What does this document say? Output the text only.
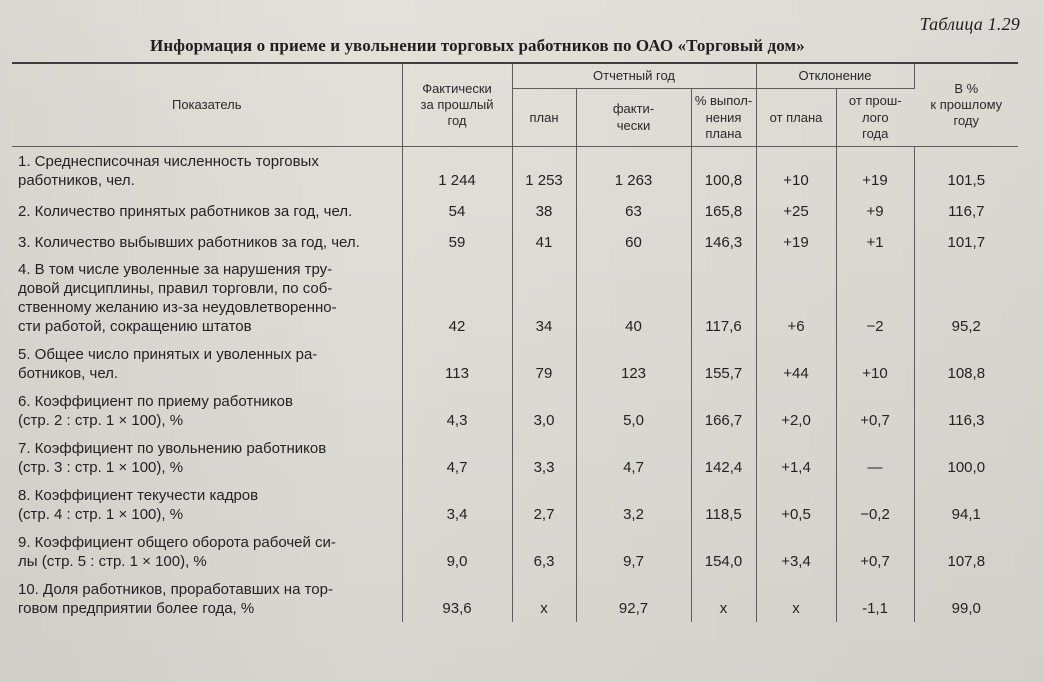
Таблица 1.29
Информация о приеме и увольнении торговых работников по ОАО «Торговый дом»
Показатель	Фактически
за прошлый
год	Отчетный год			Отклонение		В %
к прошлому
году
		план	факти-
чески	% выпол-
нения
плана	от плана	от прош-
лого
года	
1. Среднесписочная численность торговых
работников, чел.	1 244	1 253	1 263	100,8	+10	+19	101,5
2. Количество принятых работников за год, чел.	54	38	63	165,8	+25	+9	116,7
3. Количество выбывших работников за год, чел.	59	41	60	146,3	+19	+1	101,7
4. В том числе уволенные за нарушения тру-
довой дисциплины, правил торговли, по соб-
ственному желанию из-за неудовлетворенно-
сти работой, сокращению штатов	42	34	40	117,6	+6	−2	95,2
5. Общее число принятых и уволенных ра-
ботников, чел.	113	79	123	155,7	+44	+10	108,8
6. Коэффициент по приему работников
(стр. 2 : стр. 1 × 100), %	4,3	3,0	5,0	166,7	+2,0	+0,7	116,3
7. Коэффициент по увольнению работников
(стр. 3 : стр. 1 × 100), %	4,7	3,3	4,7	142,4	+1,4	—	100,0
8. Коэффициент текучести кадров
(стр. 4 : стр. 1 × 100), %	3,4	2,7	3,2	118,5	+0,5	−0,2	94,1
9. Коэффициент общего оборота рабочей си-
лы (стр. 5 : стр. 1 × 100), %	9,0	6,3	9,7	154,0	+3,4	+0,7	107,8
10. Доля работников, проработавших на тор-
говом предприятии более года, %	93,6	x	92,7	x	x	-1,1	99,0
